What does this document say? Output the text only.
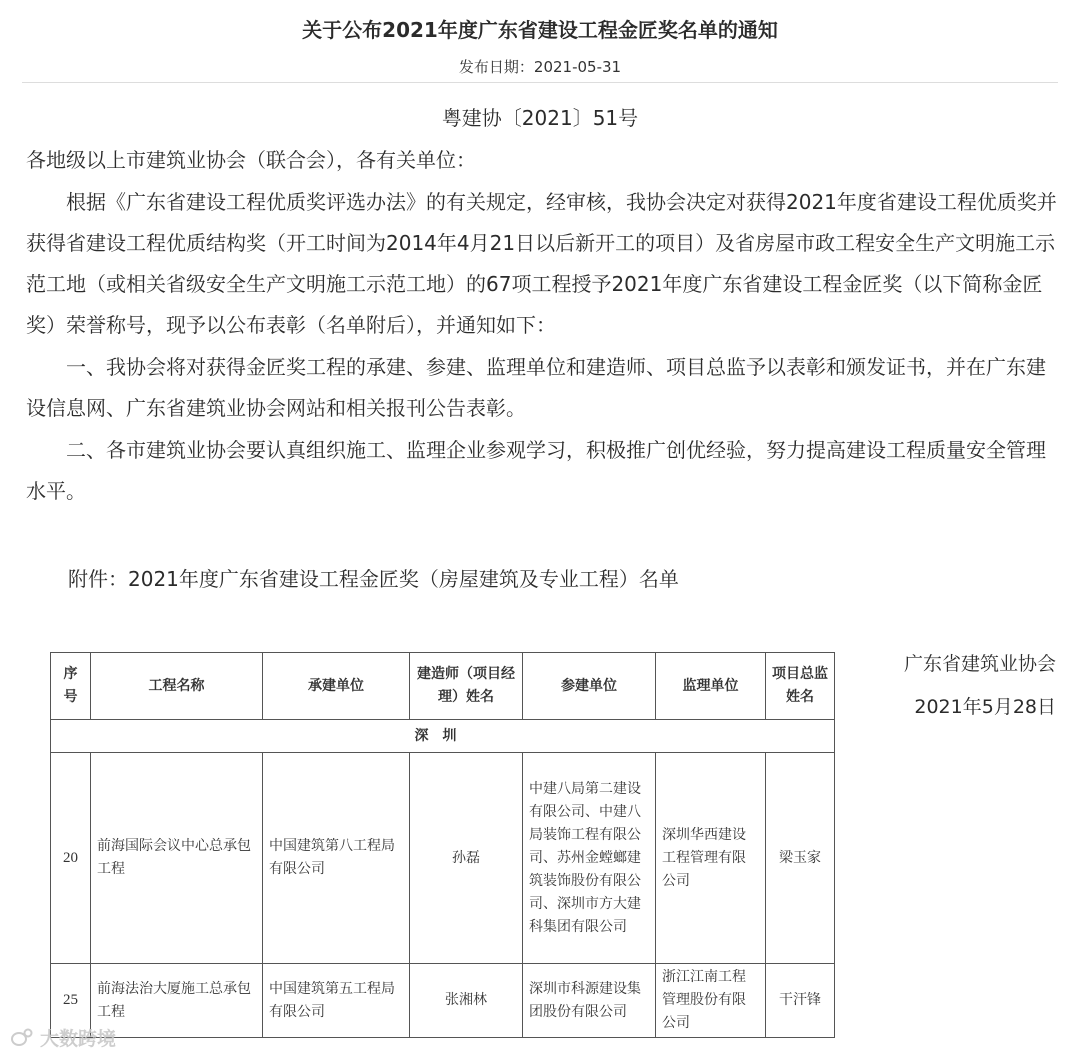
关于公布2021年度广东省建设工程金匠奖名单的通知
发布日期：2021-05-31
粤建协〔2021〕51号
各地级以上市建筑业协会（联合会），各有关单位：

根据《广东省建设工程优质奖评选办法》的有关规定，经审核，我协会决定对获得2021年度省建设工程优质奖并获得省建设工程优质结构奖（开工时间为2014年4月21日以后新开工的项目）及省房屋市政工程安全生产文明施工示范工地（或相关省级安全生产文明施工示范工地）的67项工程授予2021年度广东省建设工程金匠奖（以下简称金匠奖）荣誉称号，现予以公布表彰（名单附后），并通知如下：

一、我协会将对获得金匠奖工程的承建、参建、监理单位和建造师、项目总监予以表彰和颁发证书，并在广东建设信息网、广东省建筑业协会网站和相关报刊公告表彰。

二、各市建筑业协会要认真组织施工、监理企业参观学习，积极推广创优经验，努力提高建设工程质量安全管理水平。

附件：2021年度广东省建设工程金匠奖（房屋建筑及专业工程）名单
广东省建筑业协会
2021年5月28日
序号	工程名称	承建单位	建造师（项目经理）姓名	参建单位	监理单位	项目总监姓名
深圳						
20	前海国际会议中心总承包工程	中国建筑第八工程局有限公司	孙磊	中建八局第二建设有限公司、中建八局装饰工程有限公司、苏州金螳螂建筑装饰股份有限公司、深圳市方大建科集团有限公司	深圳华西建设工程管理有限公司	梁玉家
25	前海法治大厦施工总承包工程	中国建筑第五工程局有限公司	张湘林	深圳市科源建设集团股份有限公司	浙江江南工程管理股份有限公司	干汗锋
大数跨境
